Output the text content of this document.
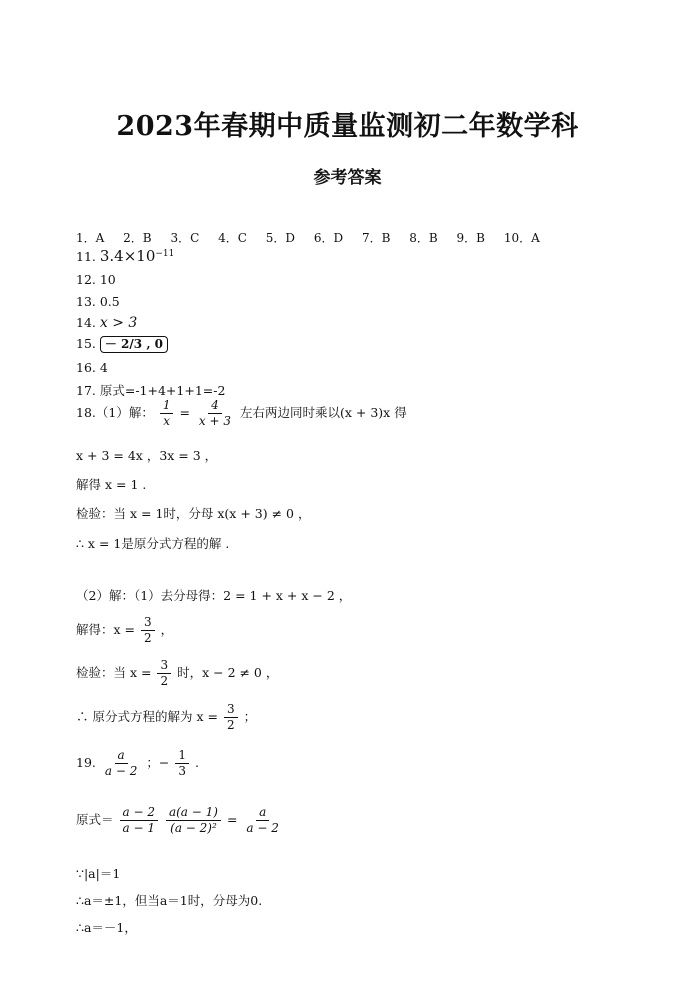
2023年春期中质量监测初二年数学科
参考答案
1．A 2．B 3．C 4．C 5．D 6．D 7．B 8．B 9．B 10．A
11. $3.4\times 10^{-11}$
12. 10
13. 0.5
14. x > 3
15. － 2/3 , 0
16. 4
17. 原式=-1+4+1+1=-2
18.（1）解： $\frac{1}{x} = \frac{4}{x + 3}$ 左右两边同时乘以(x + 3)x 得
x + 3 = 4x ，3x = 3 ，
解得 x = 1 .
检验：当 x = 1时，分母 x(x + 3) ≠ 0 ，
∴ x = 1是原分式方程的解 .
（2）解：（1）去分母得：2 = 1 + x + x − 2 ，
解得：$x = \frac{3}{2}$ ，
检验：当 $x = \frac{3}{2}$ 时，x − 2 ≠ 0 ，
∴ 原分式方程的解为 $x = \frac{3}{2}$ ；
19. $\frac{a}{a - 2}$ ；− $\frac{1}{3}$ .
原式＝ $\frac{a - 2}{a - 1}$
$\frac{a(a - 1)}{\text{(a − 2)²}} = \frac{a}{a - 2}$
∵|a|＝1
∴a＝±1，但当a＝1时，分母为0.
∴a＝－1，
